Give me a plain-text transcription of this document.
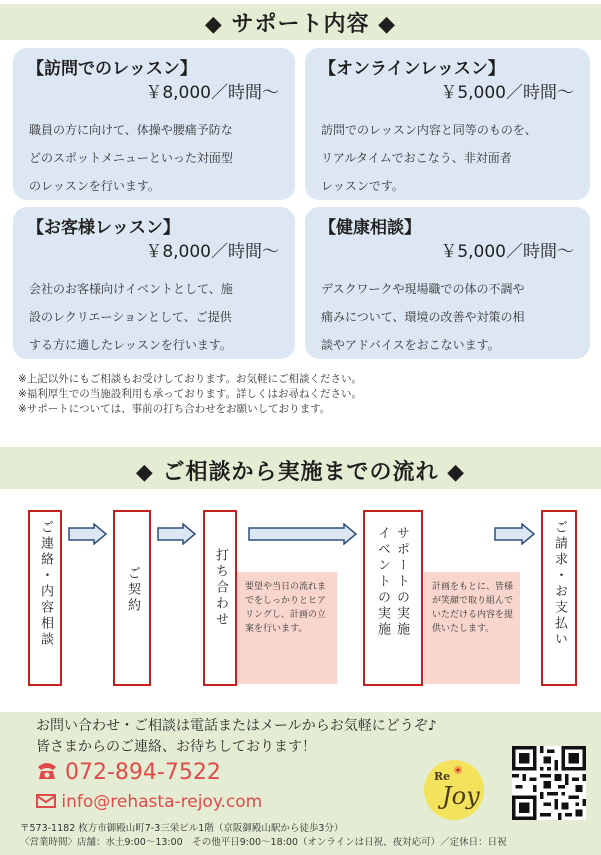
◆ サポート内容 ◆
【訪問でのレッスン】
￥8,000／時間～
職員の方に向けて、体操や腰痛予防な
どのスポットメニューといった対面型
のレッスンを行います。
【オンラインレッスン】
￥5,000／時間～
訪問でのレッスン内容と同等のものを、
リアルタイムでおこなう、非対面者
レッスンです。
【お客様レッスン】
￥8,000／時間～
会社のお客様向けイベントとして、施
設のレクリエーションとして、ご提供
する方に適したレッスンを行います。
【健康相談】
￥5,000／時間～
デスクワークや現場職での体の不調や
痛みについて、環境の改善や対策の相
談やアドバイスをおこないます。
※上記以外にもご相談もお受けしております。お気軽にご相談ください。
※福利厚生での当施設利用も承っております。詳しくはお尋ねください。
※サポートについては、事前の打ち合わせをお願いしております。
◆ ご相談から実施までの流れ ◆
ご連絡・内容相談	ご契約	打ち合わせ	要望や当日の流れまでをしっかりとヒアリングし、計画の立案を行います。	サポートの実施
イベントの実施	計画をもとに、皆様が笑顔で取り組んでいただける内容を提供いたします。	ご請求・お支払い
お問い合わせ・ご相談は電話またはメールからお気軽にどうぞ♪
皆さまからのご連絡、お待ちしております！
072-894-7522
info@rehasta-rejoy.com
〒573-1182 枚方市御殿山町7-3三栄ビル1階（京阪御殿山駅から徒歩3分）
〈営業時間〉店舗：水土9:00～13:00　その他平日9:00～18:00（オンラインは日祝、夜対応可）／定休日：日祝
Re
Joy
